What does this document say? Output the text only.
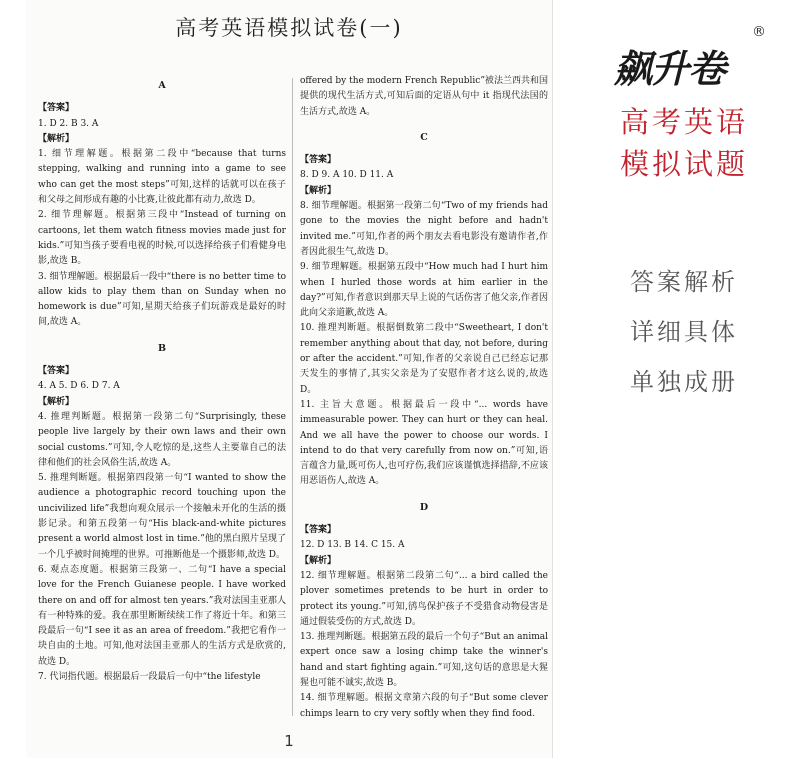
高考英语模拟试卷(一)
A
【答案】
1. D 2. B 3. A
【解析】
1. 细节理解题。根据第二段中“because that turns stepping, walking and running into a game to see who can get the most steps”可知,这样的话就可以在孩子和父母之间形成有趣的小比赛,让彼此都有动力,故选 D。
2. 细节理解题。根据第三段中“Instead of turning on cartoons, let them watch fitness movies made just for kids.”可知当孩子要看电视的时候,可以选择给孩子们看健身电影,故选 B。
3. 细节理解题。根据最后一段中“there is no better time to allow kids to play them than on Sunday when no homework is due”可知,星期天给孩子们玩游戏是最好的时间,故选 A。
B
【答案】
4. A 5. D 6. D 7. A
【解析】
4. 推理判断题。根据第一段第二句“Surprisingly, these people live largely by their own laws and their own social customs.”可知,令人吃惊的是,这些人主要靠自己的法律和他们的社会风俗生活,故选 A。
5. 推理判断题。根据第四段第一句“I wanted to show the audience a photographic record touching upon the uncivilized life”我想向观众展示一个接触未开化的生活的摄影记录。和第五段第一句“His black-and-white pictures present a world almost lost in time.”他的黑白照片呈现了一个几乎被时间掩埋的世界。可推断他是一个摄影师,故选 D。
6. 观点态度题。根据第三段第一、二句“I have a special love for the French Guianese people. I have worked there on and off for almost ten years.”我对法国圭亚那人有一种特殊的爱。我在那里断断续续工作了将近十年。和第三段最后一句“I see it as an area of freedom.”我把它看作一块自由的土地。可知,他对法国圭亚那人的生活方式是欣赏的,故选 D。
7. 代词指代题。根据最后一段最后一句中“the lifestyle
offered by the modern French Republic”被法兰西共和国提供的现代生活方式,可知后面的定语从句中 it 指现代法国的生活方式,故选 A。
C
【答案】
8. D 9. A 10. D 11. A
【解析】
8. 细节理解题。根据第一段第二句“Two of my friends had gone to the movies the night before and hadn't invited me.”可知,作者的两个朋友去看电影没有邀请作者,作者因此很生气,故选 D。
9. 细节理解题。根据第五段中“How much had I hurt him when I hurled those words at him earlier in the day?”可知,作者意识到那天早上说的气话伤害了他父亲,作者因此向父亲道歉,故选 A。
10. 推理判断题。根据倒数第二段中“Sweetheart, I don't remember anything about that day, not before, during or after the accident.”可知,作者的父亲说自己已经忘记那天发生的事情了,其实父亲是为了安慰作者才这么说的,故选 D。
11. 主旨大意题。根据最后一段中“... words have immeasurable power. They can hurt or they can heal. And we all have the power to choose our words. I intend to do that very carefully from now on.”可知,语言蕴含力量,既可伤人,也可疗伤,我们应该谨慎选择措辞,不应该用恶语伤人,故选 A。
D
【答案】
12. D 13. B 14. C 15. A
【解析】
12. 细节理解题。根据第二段第二句“... a bird called the plover sometimes pretends to be hurt in order to protect its young.”可知,鸻鸟保护孩子不受猎食动物侵害是通过假装受伤的方式,故选 D。
13. 推理判断题。根据第五段的最后一个句子“But an animal expert once saw a losing chimp take the winner's hand and start fighting again.”可知,这句话的意思是大猩猩也可能不诚实,故选 B。
14. 细节理解题。根据文章第六段的句子“But some clever chimps learn to cry very softly when they find food.
1
飙升卷
®
高考英语
模拟试题
答案解析
详细具体
单独成册
